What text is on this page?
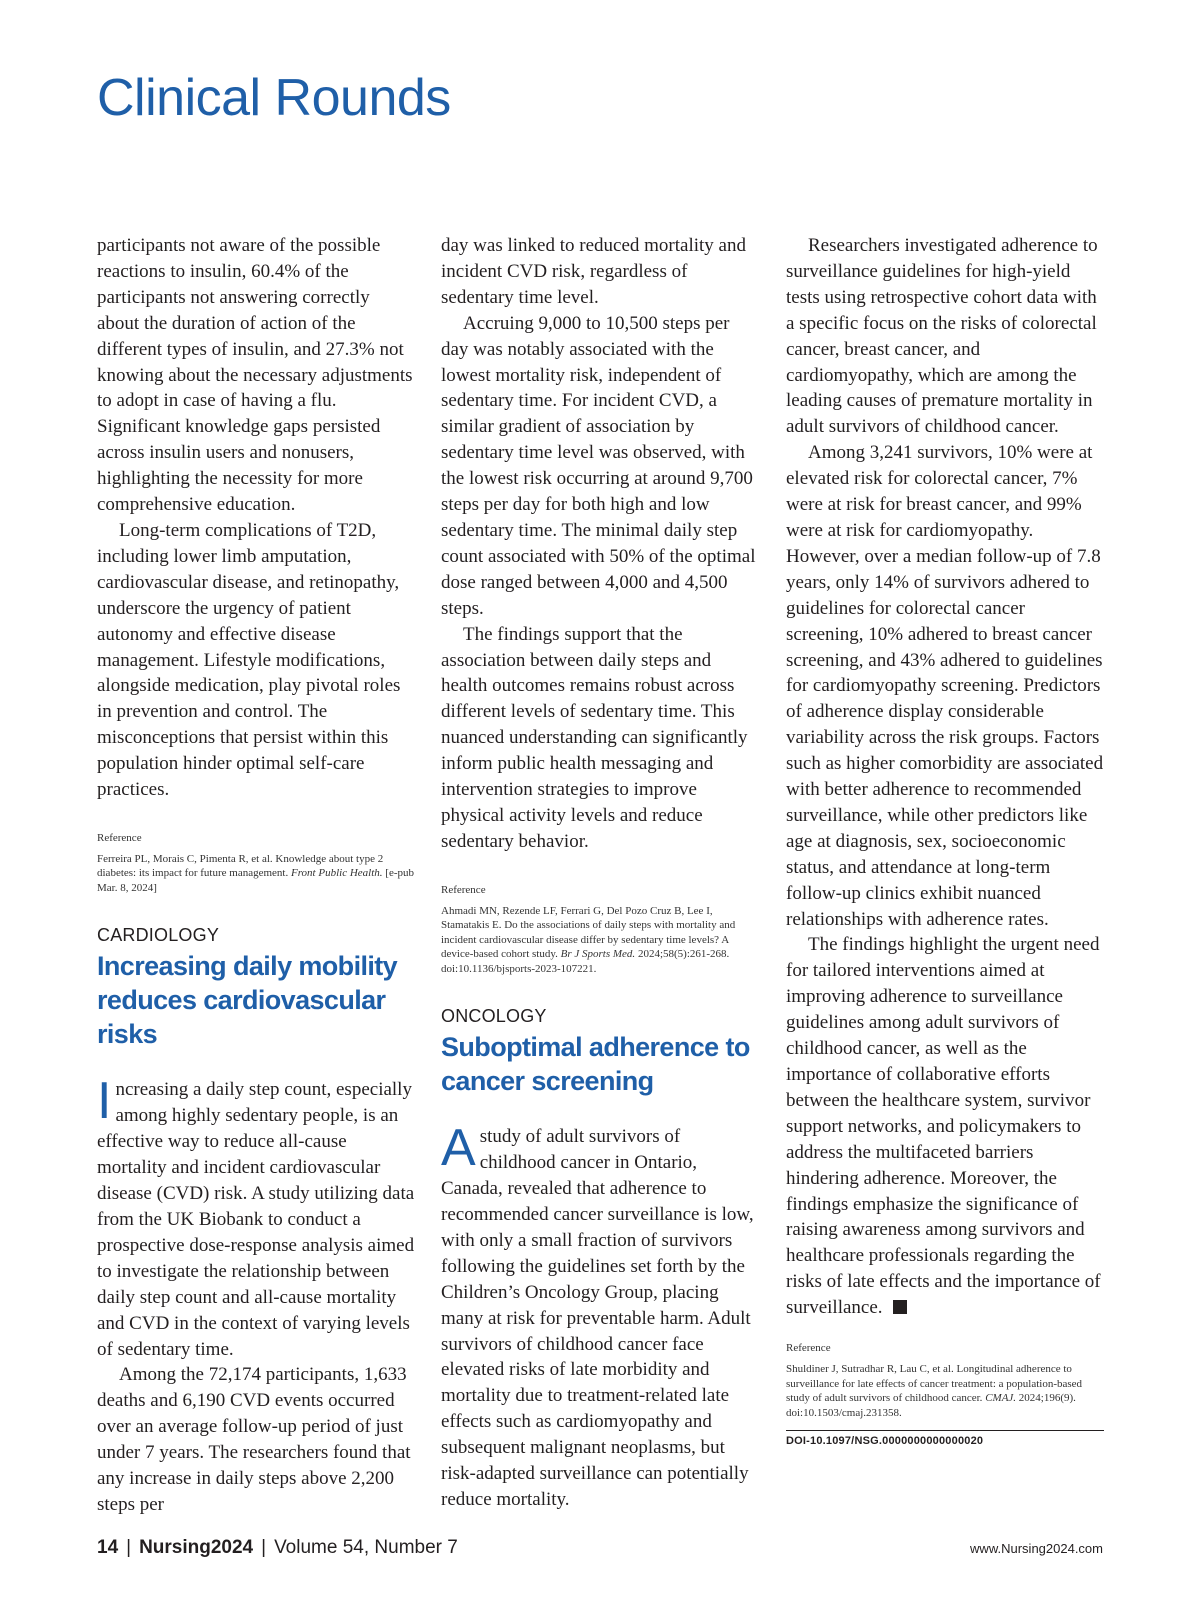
Clinical Rounds

participants not aware of the possible reactions to insulin, 60.4% of the participants not answering correctly about the duration of action of the different types of insulin, and 27.3% not knowing about the necessary adjustments to adopt in case of having a flu. Significant knowledge gaps persisted across insulin users and nonusers, highlighting the necessity for more comprehensive education.

Long-term complications of T2D, including lower limb amputation, cardiovascular disease, and retinopathy, underscore the urgency of patient autonomy and effective disease management. Lifestyle modifications, alongside medication, play pivotal roles in prevention and control. The misconceptions that persist within this population hinder optimal self-care practices.

Reference

Ferreira PL, Morais C, Pimenta R, et al. Knowledge about type 2 diabetes: its impact for future management. Front Public Health. [e-pub Mar. 8, 2024]

CARDIOLOGY

Increasing daily mobility reduces cardiovascular risks

Increasing a daily step count, especially among highly sedentary people, is an effective way to reduce all-cause mortality and incident cardiovascular disease (CVD) risk. A study utilizing data from the UK Biobank to conduct a prospective dose-response analysis aimed to investigate the relationship between daily step count and all-cause mortality and CVD in the context of varying levels of sedentary time.

Among the 72,174 participants, 1,633 deaths and 6,190 CVD events occurred over an average follow-up period of just under 7 years. The researchers found that any increase in daily steps above 2,200 steps per

day was linked to reduced mortality and incident CVD risk, regardless of sedentary time level.

Accruing 9,000 to 10,500 steps per day was notably associated with the lowest mortality risk, independent of sedentary time. For incident CVD, a similar gradient of association by sedentary time level was observed, with the lowest risk occurring at around 9,700 steps per day for both high and low sedentary time. The minimal daily step count associated with 50% of the optimal dose ranged between 4,000 and 4,500 steps.

The findings support that the association between daily steps and health outcomes remains robust across different levels of sedentary time. This nuanced understanding can significantly inform public health messaging and intervention strategies to improve physical activity levels and reduce sedentary behavior.

Reference

Ahmadi MN, Rezende LF, Ferrari G, Del Pozo Cruz B, Lee I, Stamatakis E. Do the associations of daily steps with mortality and incident cardiovascular disease differ by sedentary time levels? A device-based cohort study. Br J Sports Med. 2024;58(5):261-268. doi:10.1136/bjsports-2023-107221.

ONCOLOGY

Suboptimal adherence to cancer screening

Astudy of adult survivors of childhood cancer in Ontario, Canada, revealed that adherence to recommended cancer surveillance is low, with only a small fraction of survivors following the guidelines set forth by the Children’s Oncology Group, placing many at risk for preventable harm. Adult survivors of childhood cancer face elevated risks of late morbidity and mortality due to treatment-related late effects such as cardiomyopathy and subsequent malignant neoplasms, but risk-adapted surveillance can potentially reduce mortality.

Researchers investigated adherence to surveillance guidelines for high-yield tests using retrospective cohort data with a specific focus on the risks of colorectal cancer, breast cancer, and cardiomyopathy, which are among the leading causes of premature mortality in adult survivors of childhood cancer.

Among 3,241 survivors, 10% were at elevated risk for colorectal cancer, 7% were at risk for breast cancer, and 99% were at risk for cardiomyopathy. However, over a median follow-up of 7.8 years, only 14% of survivors adhered to guidelines for colorectal cancer screening, 10% adhered to breast cancer screening, and 43% adhered to guidelines for cardiomyopathy screening. Predictors of adherence display considerable variability across the risk groups. Factors such as higher comorbidity are associated with better adherence to recommended surveillance, while other predictors like age at diagnosis, sex, socioeconomic status, and attendance at long-term follow-up clinics exhibit nuanced relationships with adherence rates.

The findings highlight the urgent need for tailored interventions aimed at improving adherence to surveillance guidelines among adult survivors of childhood cancer, as well as the importance of collaborative efforts between the healthcare system, survivor support networks, and policymakers to address the multifaceted barriers hindering adherence. Moreover, the findings emphasize the significance of raising awareness among survivors and healthcare professionals regarding the risks of late effects and the importance of surveillance.

Reference

Shuldiner J, Sutradhar R, Lau C, et al. Longitudinal adherence to surveillance for late effects of cancer treatment: a population-based study of adult survivors of childhood cancer. CMAJ. 2024;196(9). doi:10.1503/cmaj.231358.

DOI-10.1097/NSG.0000000000000020

14 | Nursing2024 | Volume 54, Number 7	www.Nursing2024.com
